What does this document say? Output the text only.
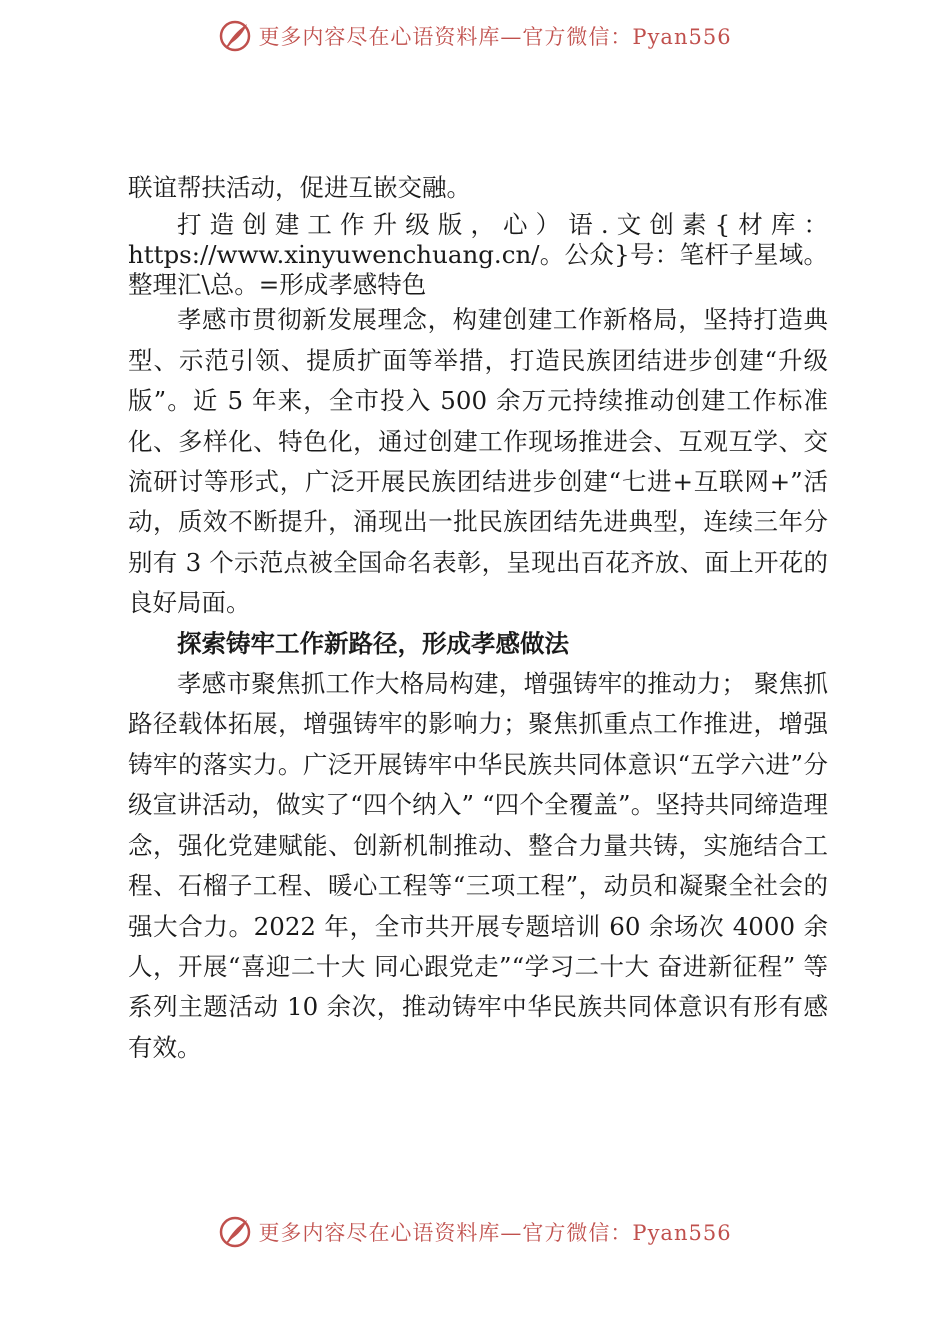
更多内容尽在心语资料库—官方微信：Pyan556

联谊帮扶活动，促进互嵌交融。

打造创建工作升级版，心）语.文创素{材库：https://www.xinyuwenchuang.cn/。公众}号：笔杆子星域。整理汇\总。=形成孝感特色

孝感市贯彻新发展理念，构建创建工作新格局，坚持打造典型、示范引领、提质扩面等举措，打造民族团结进步创建“升级版”。近 5 年来，全市投入 500 余万元持续推动创建工作标准化、多样化、特色化，通过创建工作现场推进会、互观互学、交流研讨等形式，广泛开展民族团结进步创建“七进+互联网+”活动，质效不断提升，涌现出一批民族团结先进典型，连续三年分别有 3 个示范点被全国命名表彰，呈现出百花齐放、面上开花的良好局面。

探索铸牢工作新路径，形成孝感做法

孝感市聚焦抓工作大格局构建，增强铸牢的推动力； 聚焦抓路径载体拓展，增强铸牢的影响力；聚焦抓重点工作推进，增强铸牢的落实力。广泛开展铸牢中华民族共同体意识“五学六进”分级宣讲活动，做实了“四个纳入” “四个全覆盖”。坚持共同缔造理念，强化党建赋能、创新机制推动、整合力量共铸，实施结合工程、石榴子工程、暖心工程等“三项工程”，动员和凝聚全社会的强大合力。2022 年，全市共开展专题培训 60 余场次 4000 余人，开展“喜迎二十大 同心跟党走”“学习二十大 奋进新征程” 等系列主题活动 10 余次，推动铸牢中华民族共同体意识有形有感有效。

更多内容尽在心语资料库—官方微信：Pyan556
